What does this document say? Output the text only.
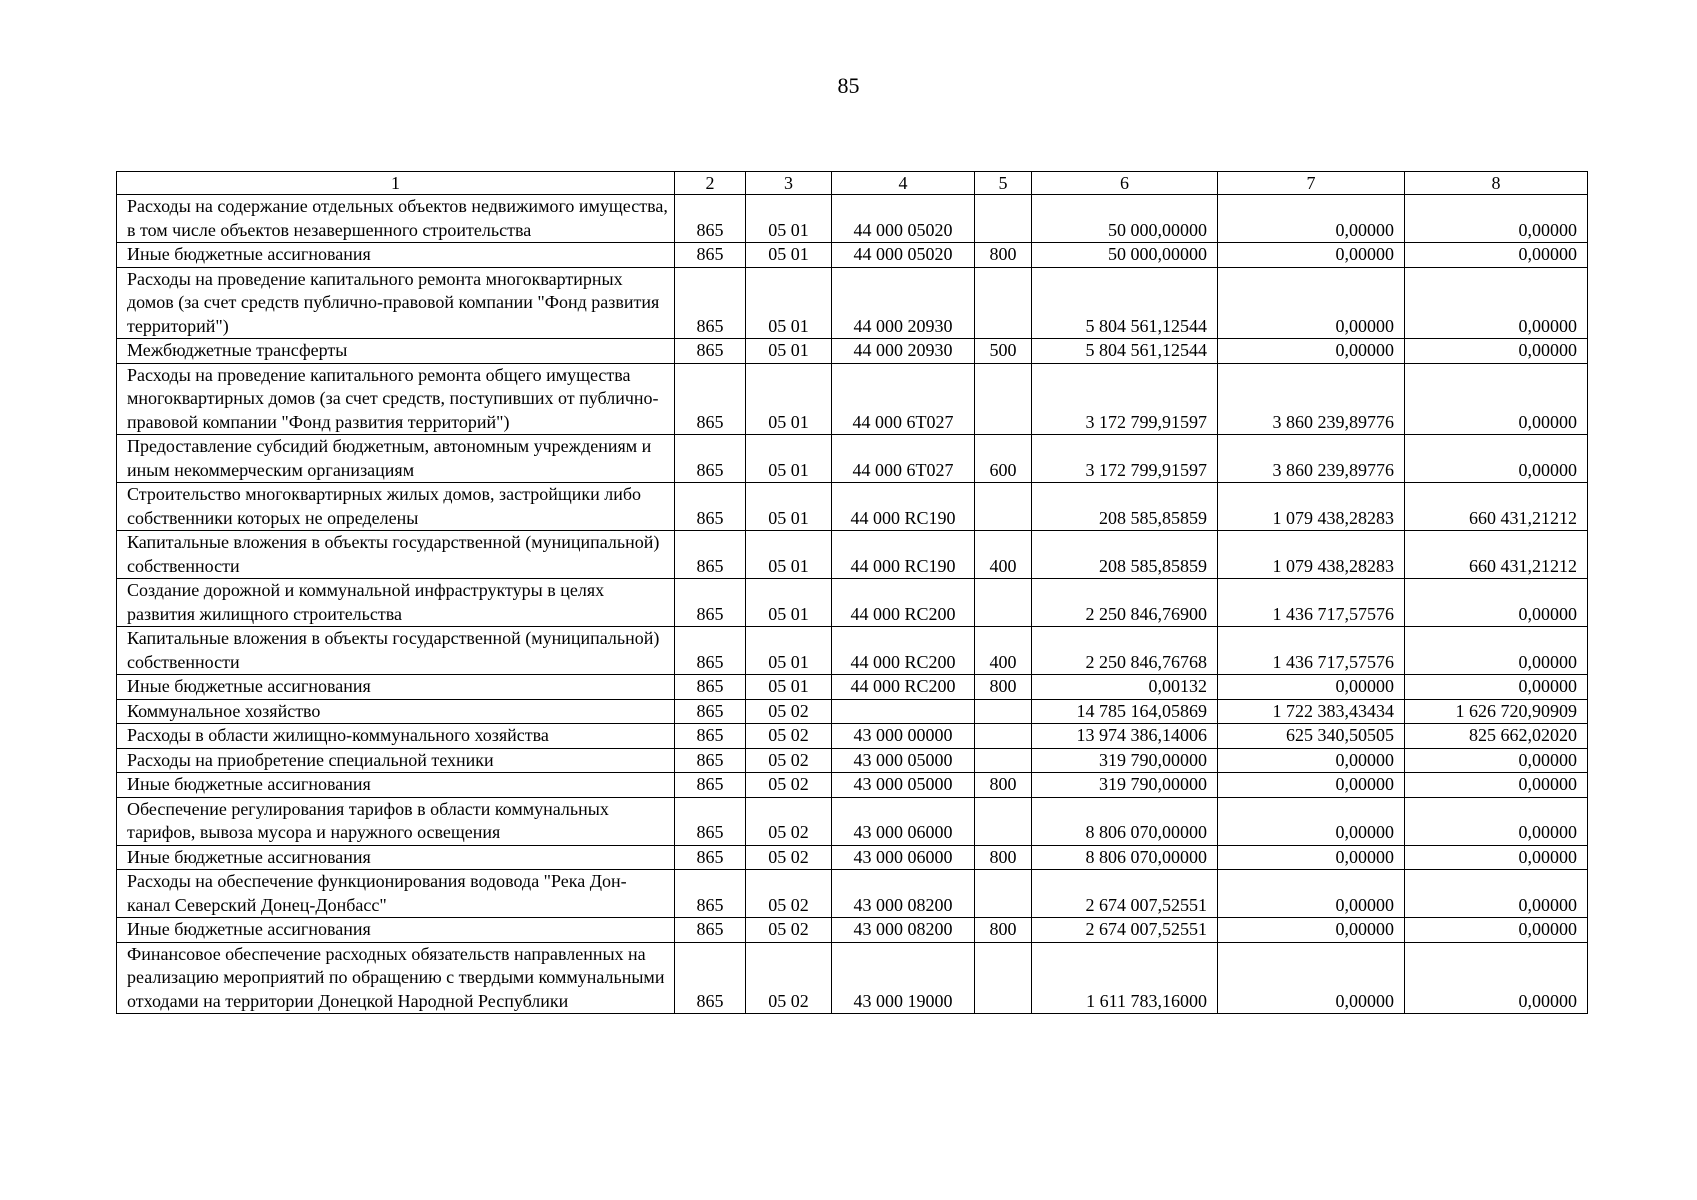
85
1	2	3	4	5	6	7	8
Расходы на содержание отдельных объектов недвижимого имущества, в том числе объектов незавершенного строительства	865	05 01	44 000 05020		50 000,00000	0,00000	0,00000
Иные бюджетные ассигнования	865	05 01	44 000 05020	800	50 000,00000	0,00000	0,00000
Расходы на проведение капитального ремонта многоквартирных домов (за счет средств публично-правовой компании "Фонд развития территорий")	865	05 01	44 000 20930		5 804 561,12544	0,00000	0,00000
Межбюджетные трансферты	865	05 01	44 000 20930	500	5 804 561,12544	0,00000	0,00000
Расходы на проведение капитального ремонта общего имущества многоквартирных домов (за счет средств, поступивших от публично-правовой компании "Фонд развития территорий")	865	05 01	44 000 6Т027		3 172 799,91597	3 860 239,89776	0,00000
Предоставление субсидий бюджетным, автономным учреждениям и иным некоммерческим организациям	865	05 01	44 000 6Т027	600	3 172 799,91597	3 860 239,89776	0,00000
Строительство многоквартирных жилых домов, застройщики либо собственники которых не определены	865	05 01	44 000 RC190		208 585,85859	1 079 438,28283	660 431,21212
Капитальные вложения в объекты государственной (муниципальной) собственности	865	05 01	44 000 RC190	400	208 585,85859	1 079 438,28283	660 431,21212
Создание дорожной и коммунальной инфраструктуры в целях развития жилищного строительства	865	05 01	44 000 RC200		2 250 846,76900	1 436 717,57576	0,00000
Капитальные вложения в объекты государственной (муниципальной) собственности	865	05 01	44 000 RC200	400	2 250 846,76768	1 436 717,57576	0,00000
Иные бюджетные ассигнования	865	05 01	44 000 RC200	800	0,00132	0,00000	0,00000
Коммунальное хозяйство	865	05 02			14 785 164,05869	1 722 383,43434	1 626 720,90909
Расходы в области жилищно-коммунального хозяйства	865	05 02	43 000 00000		13 974 386,14006	625 340,50505	825 662,02020
Расходы на приобретение специальной техники	865	05 02	43 000 05000		319 790,00000	0,00000	0,00000
Иные бюджетные ассигнования	865	05 02	43 000 05000	800	319 790,00000	0,00000	0,00000
Обеспечение регулирования тарифов в области коммунальных тарифов, вывоза мусора и наружного освещения	865	05 02	43 000 06000		8 806 070,00000	0,00000	0,00000
Иные бюджетные ассигнования	865	05 02	43 000 06000	800	8 806 070,00000	0,00000	0,00000
Расходы на обеспечение функционирования водовода "Река Дон-канал Северский Донец-Донбасс"	865	05 02	43 000 08200		2 674 007,52551	0,00000	0,00000
Иные бюджетные ассигнования	865	05 02	43 000 08200	800	2 674 007,52551	0,00000	0,00000
Финансовое обеспечение расходных обязательств направленных на реализацию мероприятий по обращению с твердыми коммунальными отходами на территории Донецкой Народной Республики	865	05 02	43 000 19000		1 611 783,16000	0,00000	0,00000
